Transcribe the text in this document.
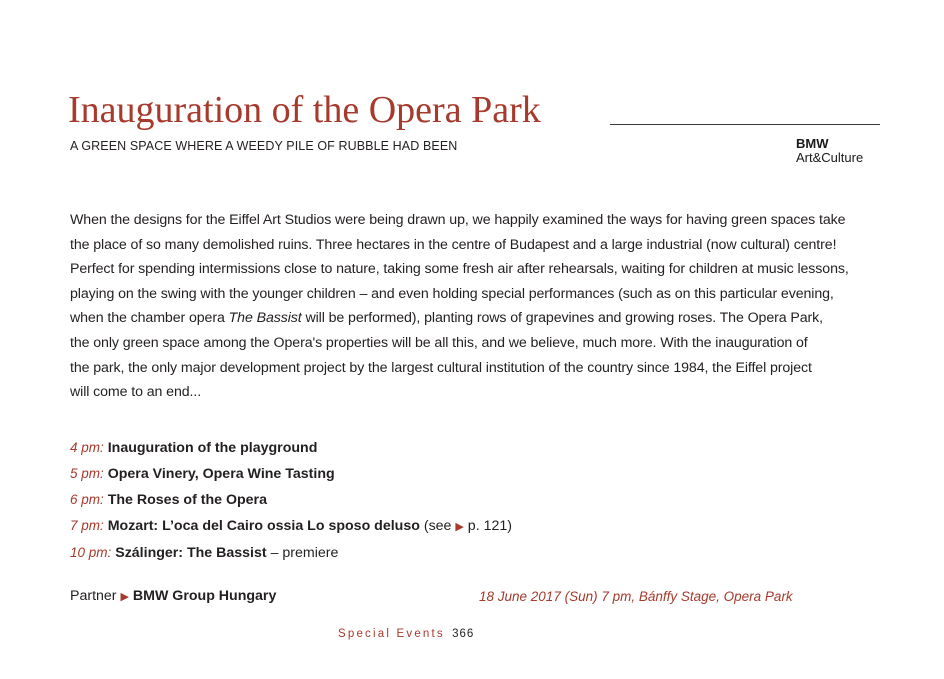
Inauguration of the Opera Park
A GREEN SPACE WHERE A WEEDY PILE OF RUBBLE HAD BEEN	BMW
Art&Culture
When the designs for the Eiffel Art Studios were being drawn up, we happily examined the ways for having green spaces take
the place of so many demolished ruins. Three hectares in the centre of Budapest and a large industrial (now cultural) centre!
Perfect for spending intermissions close to nature, taking some fresh air after rehearsals, waiting for children at music lessons,
playing on the swing with the younger children – and even holding special performances (such as on this particular evening,
when the chamber opera The Bassist will be performed), planting rows of grapevines and growing roses. The Opera Park,
the only green space among the Opera's properties will be all this, and we believe, much more. With the inauguration of
the park, the only major development project by the largest cultural institution of the country since 1984, the Eiffel project
will come to an end...
4 pm: Inauguration of the playground
5 pm: Opera Vinery, Opera Wine Tasting
6 pm: The Roses of the Opera
7 pm: Mozart: L’oca del Cairo ossia Lo sposo deluso (see ▶ p. 121)
10 pm: Szálinger: The Bassist – premiere
Partner ▶ BMW Group Hungary	18 June 2017 (Sun) 7 pm, Bánffy Stage, Opera Park
Special Events 366
